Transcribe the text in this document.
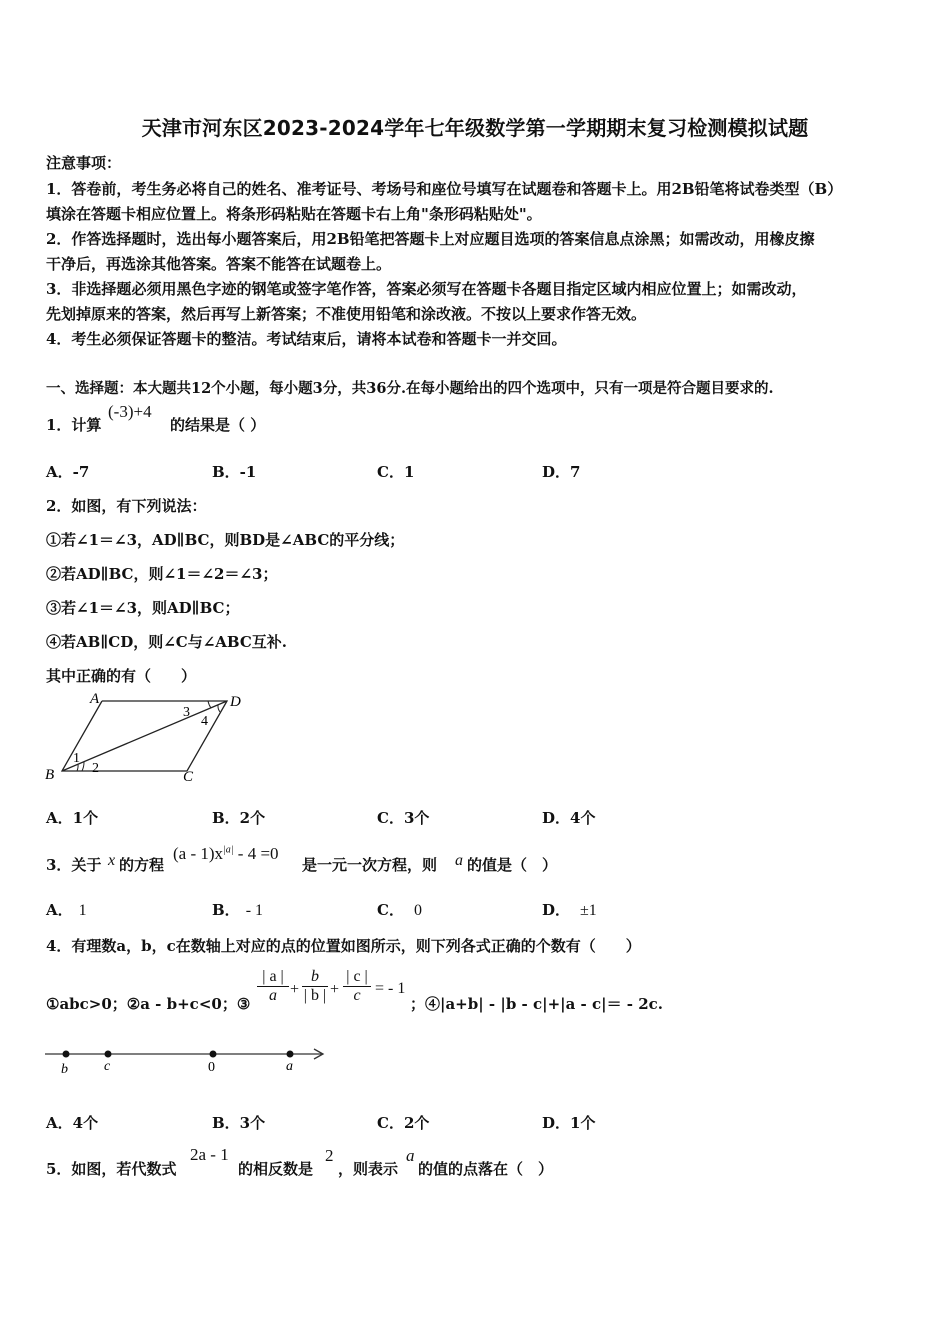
天津市河东区2023-2024学年七年级数学第一学期期末复习检测模拟试题
注意事项：
1．答卷前，考生务必将自己的姓名、准考证号、考场号和座位号填写在试题卷和答题卡上。用2B铅笔将试卷类型（B）
填涂在答题卡相应位置上。将条形码粘贴在答题卡右上角"条形码粘贴处"。
2．作答选择题时，选出每小题答案后，用2B铅笔把答题卡上对应题目选项的答案信息点涂黑；如需改动，用橡皮擦
干净后，再选涂其他答案。答案不能答在试题卷上。
3．非选择题必须用黑色字迹的钢笔或签字笔作答，答案必须写在答题卡各题目指定区域内相应位置上；如需改动，
先划掉原来的答案，然后再写上新答案；不准使用铅笔和涂改液。不按以上要求作答无效。
4．考生必须保证答题卡的整洁。考试结束后，请将本试卷和答题卡一并交回。
一、选择题：本大题共12个小题，每小题3分，共36分.在每小题给出的四个选项中，只有一项是符合题目要求的.
1．计算
(-3)+4
的结果是（ ）
A．-7	B．-1	C．1	D．7
2．如图，有下列说法：
①若∠1＝∠3，AD∥BC，则BD是∠ABC的平分线；
②若AD∥BC，则∠1＝∠2＝∠3；
③若∠1＝∠3，则AD∥BC；
④若AB∥CD，则∠C与∠ABC互补.
其中正确的有（　　）
A	D
B	C
1
2
3
4
A．1个	B．2个	C．3个	D．4个
3．关于 x 的方程
$(a - 1)x^{|a|} - 4 =0$
是一元一次方程，则 a 的值是（　）
A． 1	B． - 1	C． 0	D． ±1
4．有理数a，b，c在数轴上对应的点的位置如图所示，则下列各式正确的个数有（　　）
①abc>0；②a - b+c<0；③ $\frac{| a |}{a} + \frac{b}{| b |} + \frac{| c |}{c}$ = - 1
；④|a+b| - |b - c|+|a - c|＝ - 2c.
b	c	0	a
A．4个	B．3个	C．2个	D．1个
5．如图，若代数式
2a - 1
的相反数是
2
，则表示
a
的值的点落在（　）
